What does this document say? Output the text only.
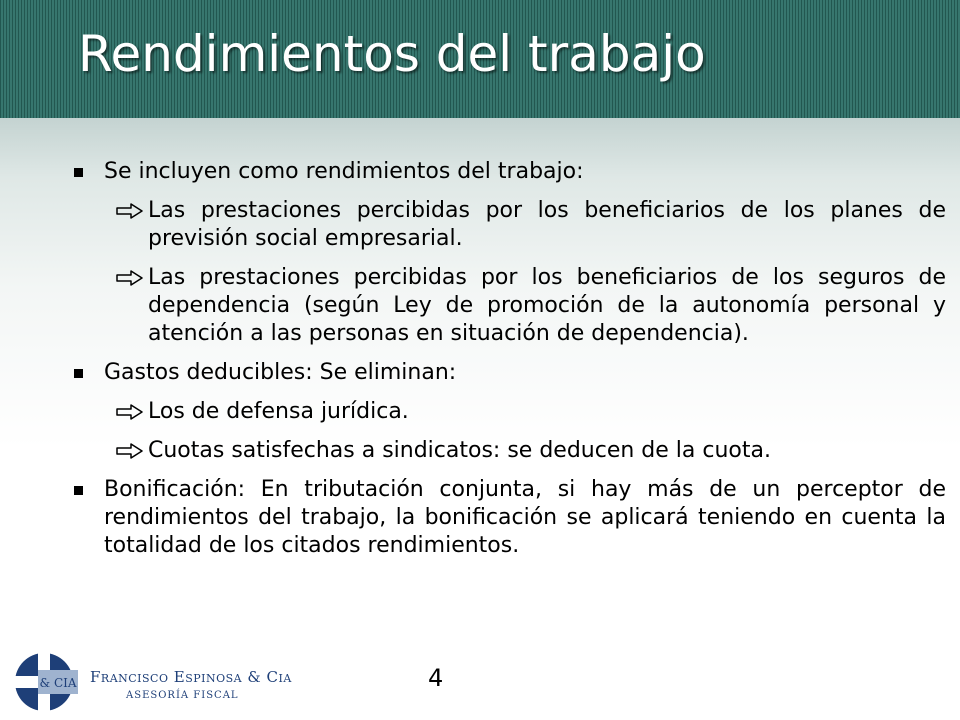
Rendimientos del trabajo
Se incluyen como rendimientos del trabajo:
Las prestaciones percibidas por los beneficiarios de los planes de previsión social empresarial.
Las prestaciones percibidas por los beneficiarios de los seguros de dependencia (según Ley de promoción de la autonomía personal y atención a las personas en situación de dependencia).
Gastos deducibles: Se eliminan:
Los de defensa jurídica.
Cuotas satisfechas a sindicatos: se deducen de la cuota.
Bonificación: En tributación conjunta, si hay más de un perceptor de rendimientos del trabajo, la bonificación se aplicará teniendo en cuenta la totalidad de los citados rendimientos.
4
& CIA Francisco Espinosa & Cia
ASESORÍA FISCAL
